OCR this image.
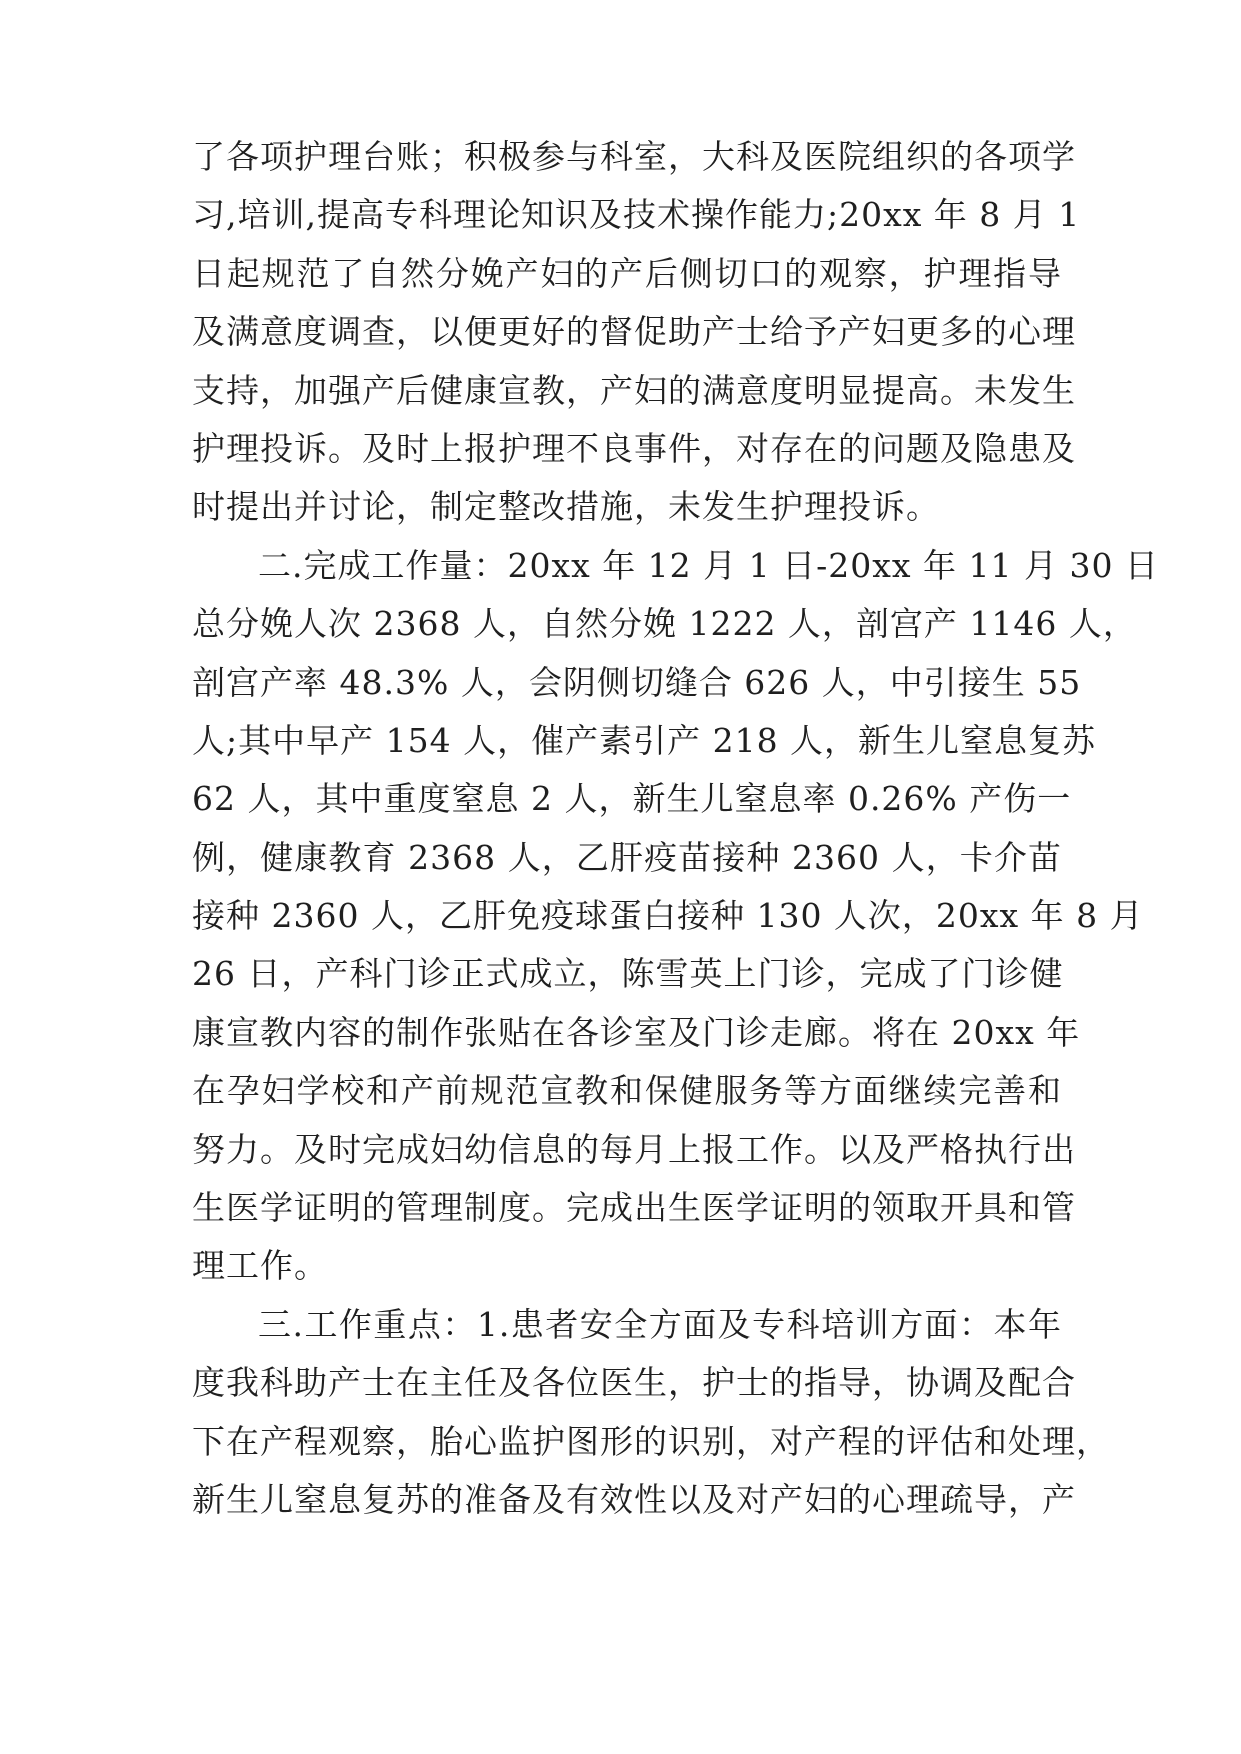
了各项护理台账；积极参与科室，大科及医院组织的各项学
习,培训,提高专科理论知识及技术操作能力;20xx 年 8 月 1
日起规范了自然分娩产妇的产后侧切口的观察，护理指导
及满意度调查，以便更好的督促助产士给予产妇更多的心理
支持，加强产后健康宣教，产妇的满意度明显提高。未发生
护理投诉。及时上报护理不良事件，对存在的问题及隐患及
时提出并讨论，制定整改措施，未发生护理投诉。
二.完成工作量：20xx 年 12 月 1 日-20xx 年 11 月 30 日
总分娩人次 2368 人，自然分娩 1222 人，剖宫产 1146 人，
剖宫产率 48.3% 人，会阴侧切缝合 626 人，中引接生 55
人;其中早产 154 人，催产素引产 218 人，新生儿窒息复苏
62 人，其中重度窒息 2 人，新生儿窒息率 0.26% 产伤一
例，健康教育 2368 人，乙肝疫苗接种 2360 人，卡介苗
接种 2360 人，乙肝免疫球蛋白接种 130 人次，20xx 年 8 月
26 日，产科门诊正式成立，陈雪英上门诊，完成了门诊健
康宣教内容的制作张贴在各诊室及门诊走廊。将在 20xx 年
在孕妇学校和产前规范宣教和保健服务等方面继续完善和
努力。及时完成妇幼信息的每月上报工作。以及严格执行出
生医学证明的管理制度。完成出生医学证明的领取开具和管
理工作。
三.工作重点：1.患者安全方面及专科培训方面：本年
度我科助产士在主任及各位医生，护士的指导，协调及配合
下在产程观察，胎心监护图形的识别，对产程的评估和处理，
新生儿窒息复苏的准备及有效性以及对产妇的心理疏导，产
